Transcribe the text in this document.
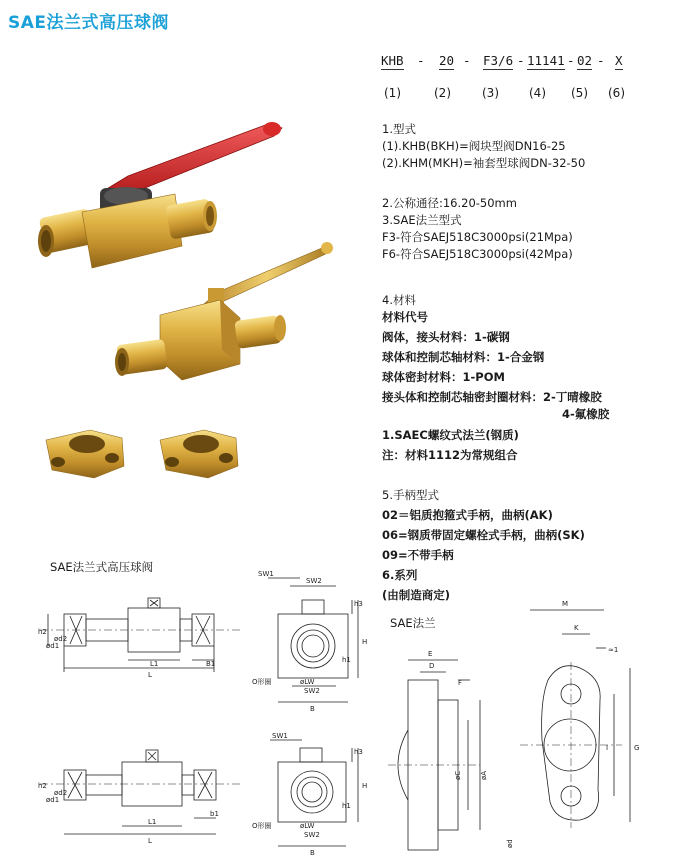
SAE法兰式高压球阀
KHB - 20 - F3/6 - 11141 - 02 - X
(1)	(2)	(3)	(4) (5) (6)
1.型式
(1).KHB(BKH)=阀块型阀DN16-25
(2).KHM(MKH)=袖套型球阀DN-32-50
2.公称通径:16.20-50mm
3.SAE法兰型式
F3-符合SAEJ518C3000psi(21Mpa)
F6-符合SAEJ518C3000psi(42Mpa)
4.材料
材料代号
阀体，接头材料：1-碳钢
球体和控制芯轴材料：1-合金钢
球体密封材料：1-POM
接头体和控制芯轴密封圈材料：2-丁晴橡胶
4-氟橡胶
1.SAEC螺纹式法兰(钢质)
注：材料1112为常规组合
5.手柄型式
02＝铝质抱箍式手柄，曲柄(AK)
06=钢质带固定螺栓式手柄，曲柄(SK)
09=不带手柄
6.系列
(由制造商定)
SAE法兰式高压球阀
SAE法兰
h2
ød1
ød2
L1	B1
L
SW1
SW2
h3
H
h1
O形圈	øLW
SW2
B
h2
ød1
ød2
L1
b1
L
SW1
h3
H
h1
O形圈	øLW
SW2
B
E
D
F
øC	øA
ød
M
K
≈1
I	G
